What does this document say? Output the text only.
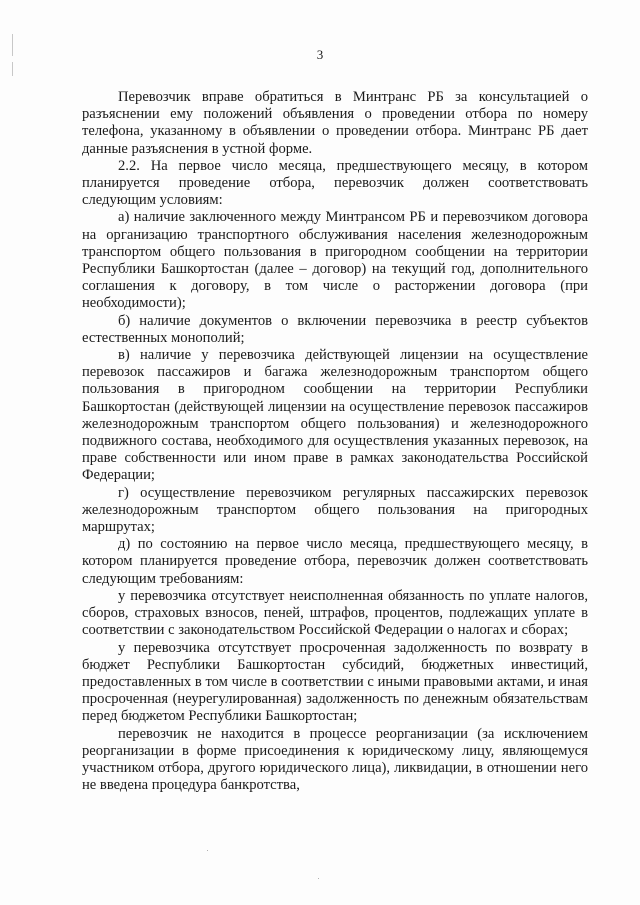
3

Перевозчик вправе обратиться в Минтранс РБ за консультацией о разъяснении ему положений объявления о проведении отбора по номеру телефона, указанному в объявлении о проведении отбора. Минтранс РБ дает данные разъяснения в устной форме.

2.2. На первое число месяца, предшествующего месяцу, в котором планируется проведение отбора, перевозчик должен соответствовать следующим условиям:

а) наличие заключенного между Минтрансом РБ и перевозчиком договора на организацию транспортного обслуживания населения железнодорожным транспортом общего пользования в пригородном сообщении на территории Республики Башкортостан (далее – договор) на текущий год, дополнительного соглашения к договору, в том числе о расторжении договора (при необходимости);

б) наличие документов о включении перевозчика в реестр субъектов естественных монополий;

в) наличие у перевозчика действующей лицензии на осуществление перевозок пассажиров и багажа железнодорожным транспортом общего пользования в пригородном сообщении на территории Республики Башкортостан (действующей лицензии на осуществление перевозок пассажиров железнодорожным транспортом общего пользования) и железнодорожного подвижного состава, необходимого для осуществления указанных перевозок, на праве собственности или ином праве в рамках законодательства Российской Федерации;

г) осуществление перевозчиком регулярных пассажирских перевозок железнодорожным транспортом общего пользования на пригородных маршрутах;

д) по состоянию на первое число месяца, предшествующего месяцу, в котором планируется проведение отбора, перевозчик должен соответствовать следующим требованиям:

у перевозчика отсутствует неисполненная обязанность по уплате налогов, сборов, страховых взносов, пеней, штрафов, процентов, подлежащих уплате в соответствии с законодательством Российской Федерации о налогах и сборах;

у перевозчика отсутствует просроченная задолженность по возврату в бюджет Республики Башкортостан субсидий, бюджетных инвестиций, предоставленных в том числе в соответствии с иными правовыми актами, и иная просроченная (неурегулированная) задолженность по денежным обязательствам перед бюджетом Республики Башкортостан;

перевозчик не находится в процессе реорганизации (за исключением реорганизации в форме присоединения к юридическому лицу, являющемуся участником отбора, другого юридического лица), ликвидации, в отношении него не введена процедура банкротства,
